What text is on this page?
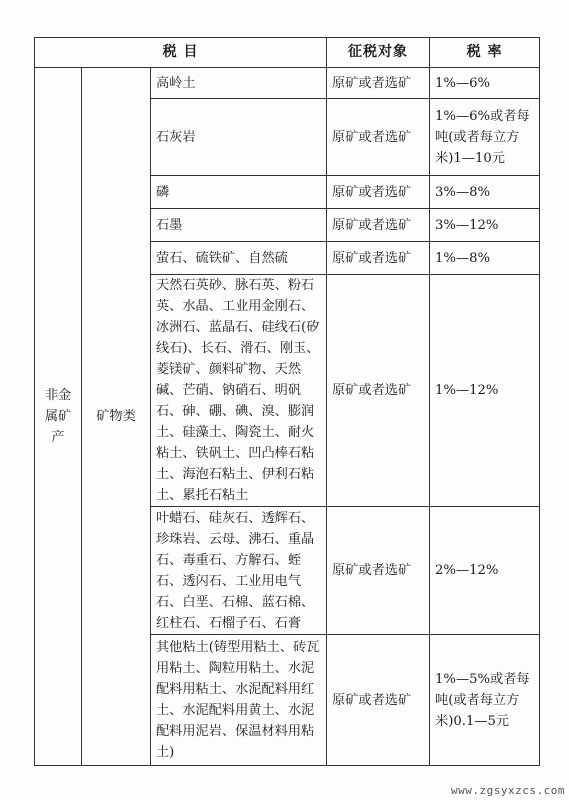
税 目			征税对象	税 率
非金属矿产	矿物类	高岭土	原矿或者选矿	1%—6%
		石灰岩	原矿或者选矿	1%—6%或者每吨(或者每立方米)1—10元
		磷	原矿或者选矿	3%—8%
		石墨	原矿或者选矿	3%—12%
		萤石、硫铁矿、自然硫	原矿或者选矿	1%—8%
		天然石英砂、脉石英、粉石英、水晶、工业用金刚石、冰洲石、蓝晶石、硅线石(矽线石)、长石、滑石、刚玉、菱镁矿、颜料矿物、天然碱、芒硝、钠硝石、明矾石、砷、硼、碘、溴、膨润土、硅藻土、陶瓷土、耐火粘土、铁矾土、凹凸棒石粘土、海泡石粘土、伊利石粘土、累托石粘土	原矿或者选矿	1%—12%
		叶蜡石、硅灰石、透辉石、珍珠岩、云母、沸石、重晶石、毒重石、方解石、蛭石、透闪石、工业用电气石、白垩、石棉、蓝石棉、红柱石、石榴子石、石膏	原矿或者选矿	2%—12%
		其他粘土(铸型用粘土、砖瓦用粘土、陶粒用粘土、水泥配料用粘土、水泥配料用红土、水泥配料用黄土、水泥配料用泥岩、保温材料用粘土)	原矿或者选矿	1%—5%或者每吨(或者每立方米)0.1—5元
www.zgsyxzcs.com
